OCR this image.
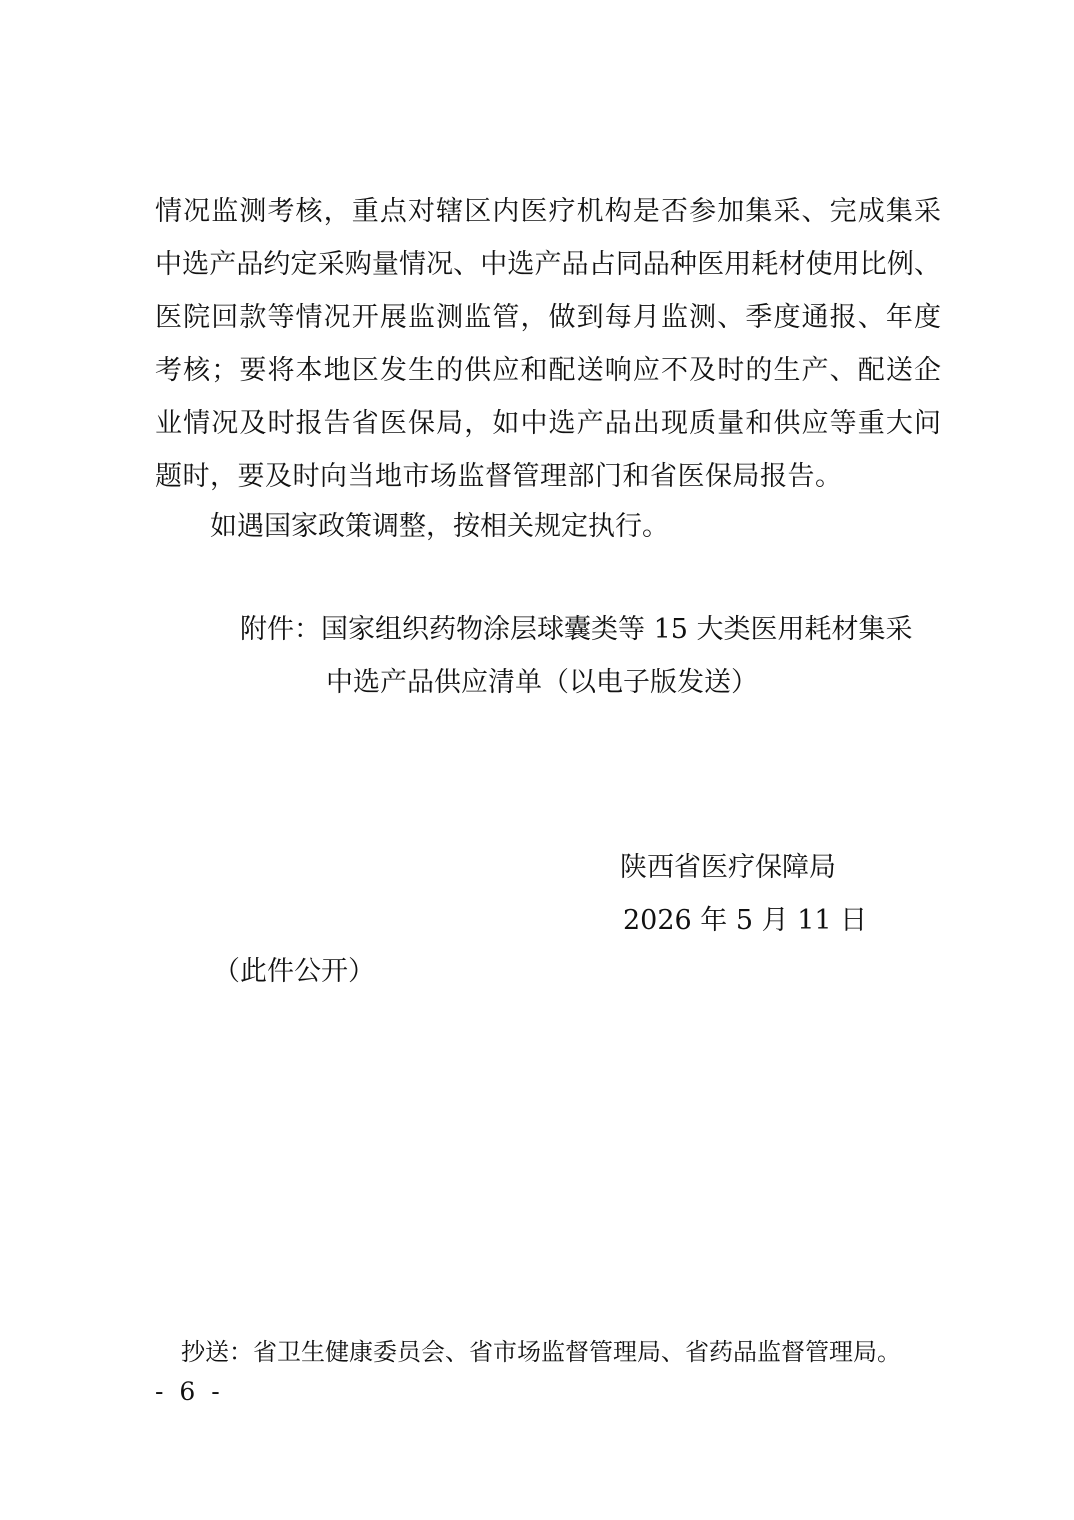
情况监测考核，重点对辖区内医疗机构是否参加集采、完成集采
中选产品约定采购量情况、中选产品占同品种医用耗材使用比例、
医院回款等情况开展监测监管，做到每月监测、季度通报、年度
考核；要将本地区发生的供应和配送响应不及时的生产、配送企
业情况及时报告省医保局，如中选产品出现质量和供应等重大问
题时，要及时向当地市场监督管理部门和省医保局报告。
如遇国家政策调整，按相关规定执行。
附件：国家组织药物涂层球囊类等 15 大类医用耗材集采
中选产品供应清单（以电子版发送）
陕西省医疗保障局
2026 年 5 月 11 日
（此件公开）
抄送：省卫生健康委员会、省市场监督管理局、省药品监督管理局。
- 6 -
